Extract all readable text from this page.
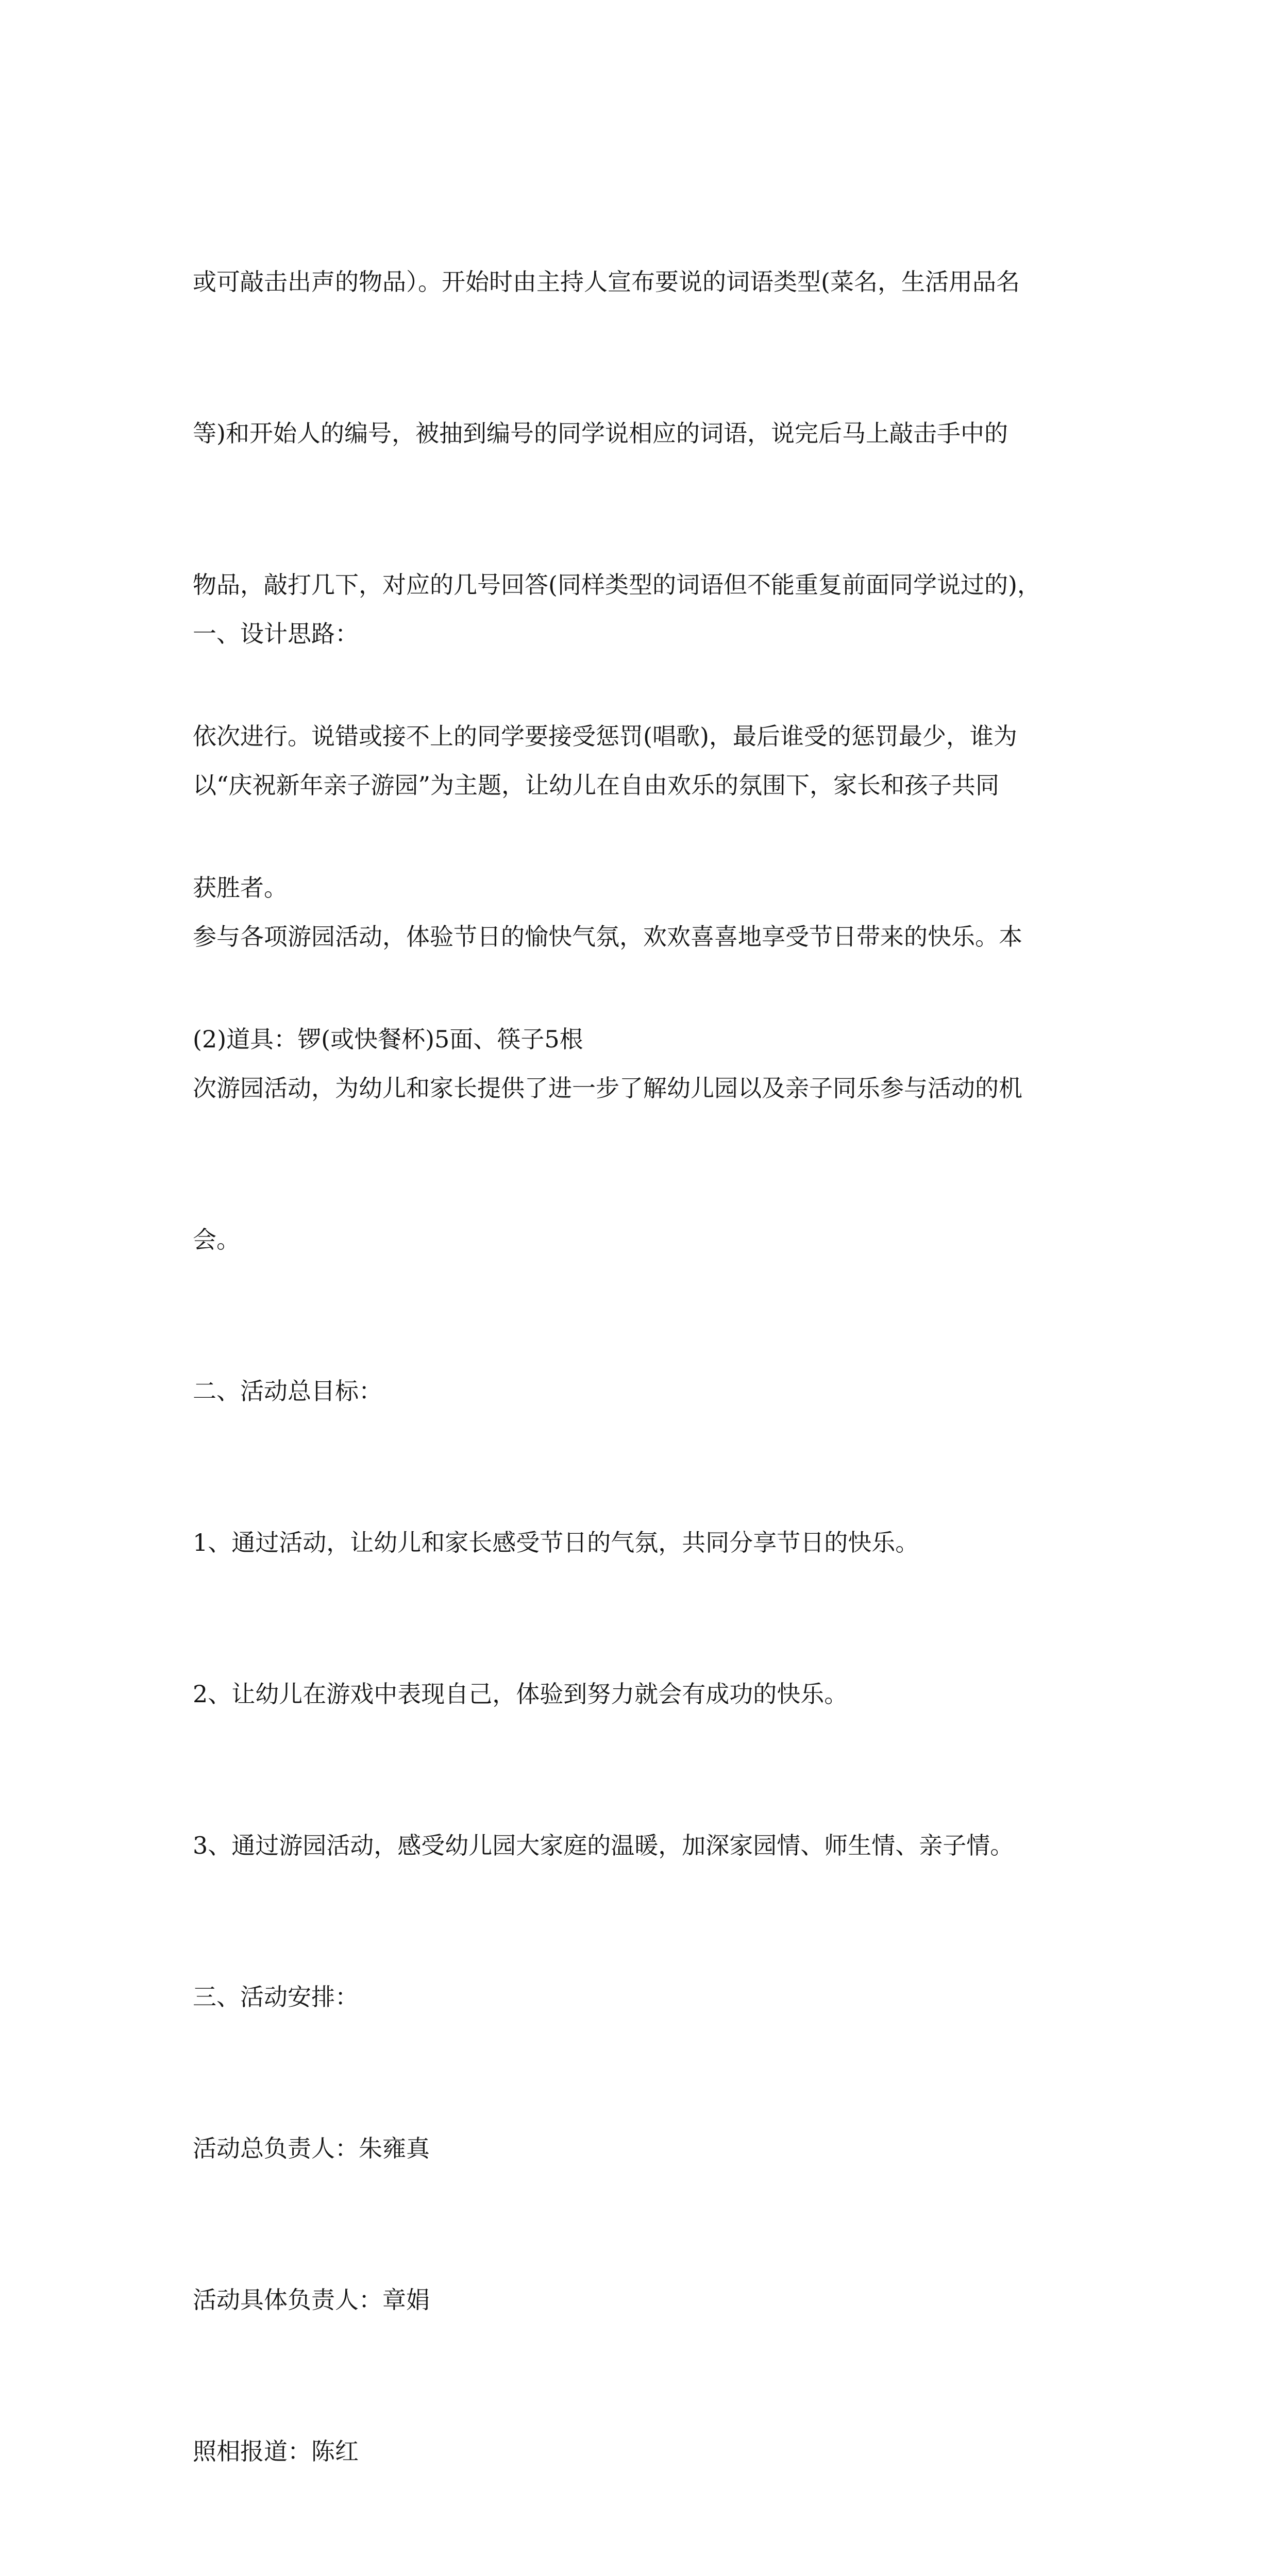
或可敲击出声的物品）。开始时由主持人宣布要说的词语类型(菜名，生活用品名

等)和开始人的编号，被抽到编号的同学说相应的词语，说完后马上敲击手中的

物品，敲打几下，对应的几号回答(同样类型的词语但不能重复前面同学说过的)，

依次进行。说错或接不上的同学要接受惩罚(唱歌)，最后谁受的惩罚最少，谁为

获胜者。

(2)道具：锣(或快餐杯)5面、筷子5根

一、设计思路：

以“庆祝新年亲子游园”为主题，让幼儿在自由欢乐的氛围下，家长和孩子共同

参与各项游园活动，体验节日的愉快气氛，欢欢喜喜地享受节日带来的快乐。本

次游园活动，为幼儿和家长提供了进一步了解幼儿园以及亲子同乐参与活动的机

会。

二、活动总目标：

1、通过活动，让幼儿和家长感受节日的气氛，共同分享节日的快乐。

2、让幼儿在游戏中表现自己，体验到努力就会有成功的快乐。

3、通过游园活动，感受幼儿园大家庭的温暖，加深家园情、师生情、亲子情。

三、活动安排：

活动总负责人：朱雍真

活动具体负责人：章娟

照相报道：陈红
